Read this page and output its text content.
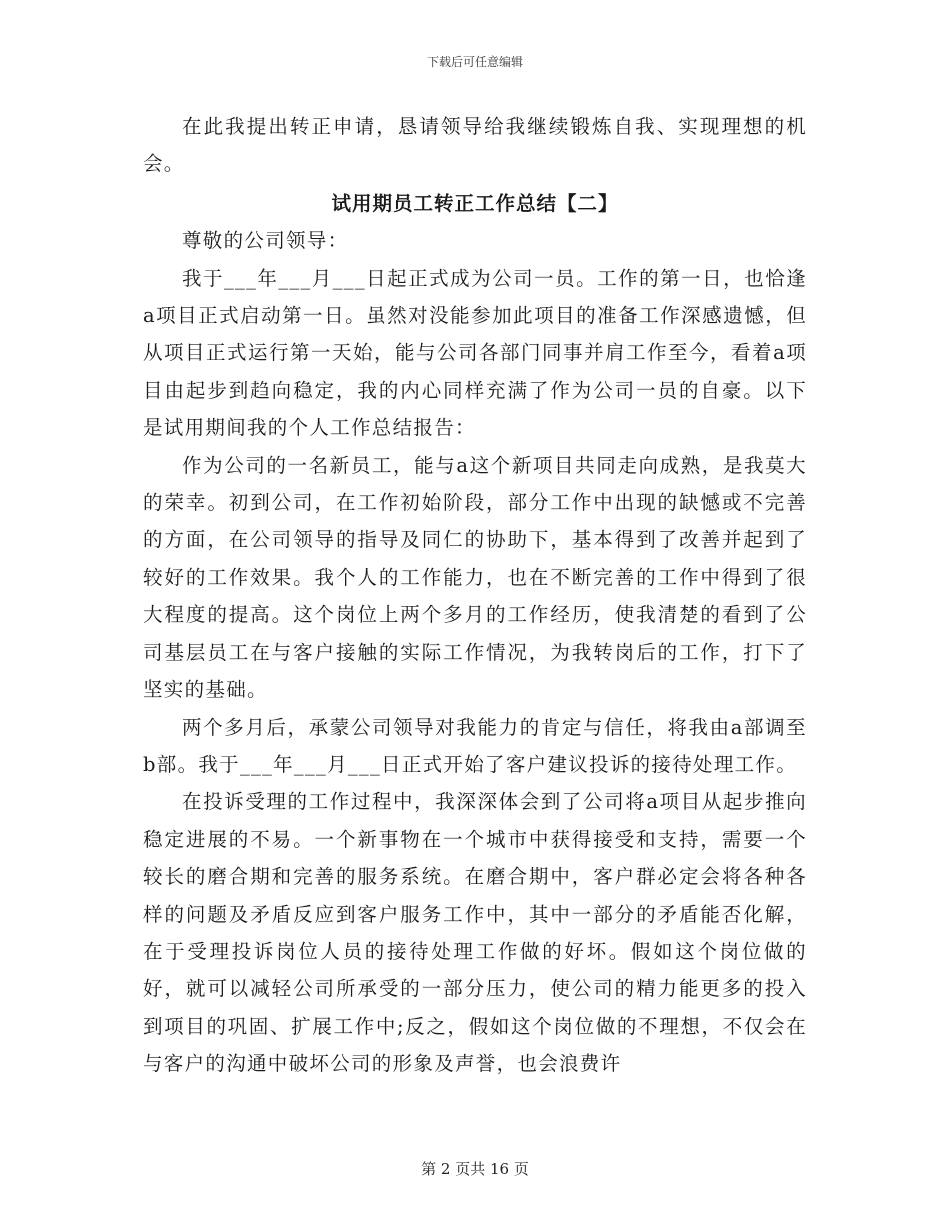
下载后可任意编辑

在此我提出转正申请，恳请领导给我继续锻炼自我、实现理想的机会。

试用期员工转正工作总结【二】

尊敬的公司领导：

我于___年___月___日起正式成为公司一员。工作的第一日，也恰逢a项目正式启动第一日。虽然对没能参加此项目的准备工作深感遗憾，但从项目正式运行第一天始，能与公司各部门同事并肩工作至今，看着a项目由起步到趋向稳定，我的内心同样充满了作为公司一员的自豪。以下是试用期间我的个人工作总结报告：

作为公司的一名新员工，能与a这个新项目共同走向成熟，是我莫大的荣幸。初到公司，在工作初始阶段，部分工作中出现的缺憾或不完善的方面，在公司领导的指导及同仁的协助下，基本得到了改善并起到了较好的工作效果。我个人的工作能力，也在不断完善的工作中得到了很大程度的提高。这个岗位上两个多月的工作经历，使我清楚的看到了公司基层员工在与客户接触的实际工作情况，为我转岗后的工作，打下了坚实的基础。

两个多月后，承蒙公司领导对我能力的肯定与信任，将我由a部调至b部。我于___年___月___日正式开始了客户建议投诉的接待处理工作。

在投诉受理的工作过程中，我深深体会到了公司将a项目从起步推向稳定进展的不易。一个新事物在一个城市中获得接受和支持，需要一个较长的磨合期和完善的服务系统。在磨合期中，客户群必定会将各种各样的问题及矛盾反应到客户服务工作中，其中一部分的矛盾能否化解，在于受理投诉岗位人员的接待处理工作做的好坏。假如这个岗位做的好，就可以减轻公司所承受的一部分压力，使公司的精力能更多的投入到项目的巩固、扩展工作中;反之，假如这个岗位做的不理想，不仅会在与客户的沟通中破坏公司的形象及声誉，也会浪费许

第 2 页共 16 页
